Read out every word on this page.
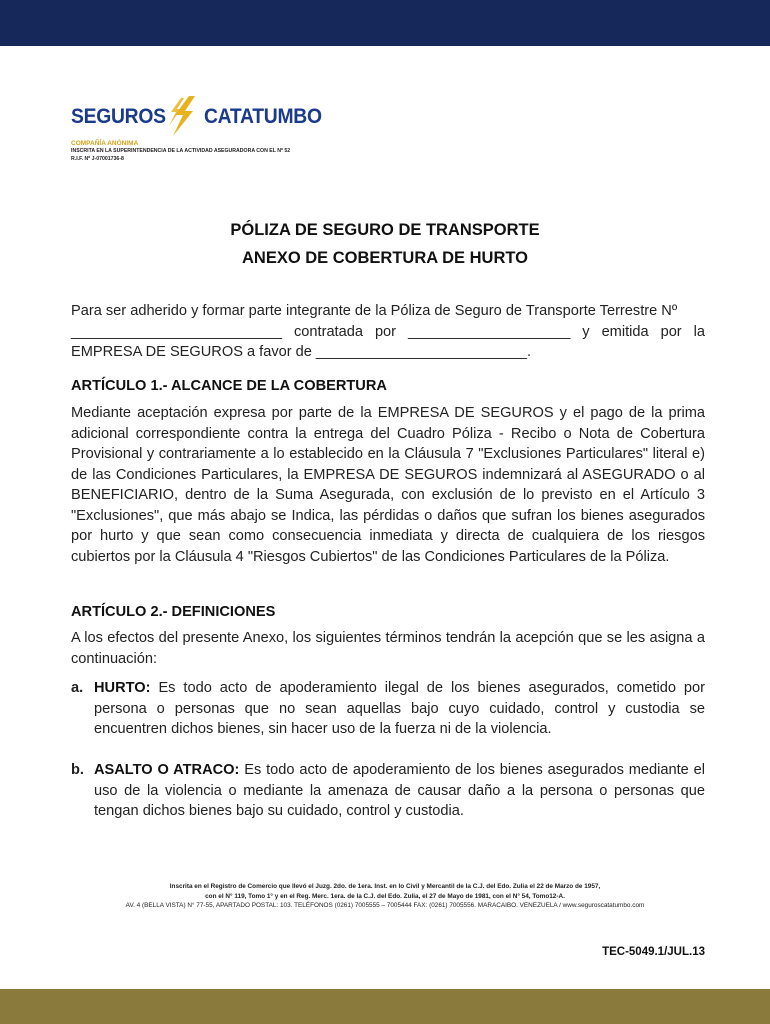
SEGUROS CATATUMBO
COMPAÑÍA ANÓNIMA
INSCRITA EN LA SUPERINTENDENCIA DE LA ACTIVIDAD ASEGURADORA CON EL Nº 52
R.I.F. Nº J-07001736-8
PÓLIZA DE SEGURO DE TRANSPORTE
ANEXO DE COBERTURA DE HURTO
Para ser adherido y formar parte integrante de la Póliza de Seguro de Transporte Terrestre Nº
__________________________ contratada por ____________________ y emitida por la
EMPRESA DE SEGUROS a favor de __________________________.
ARTÍCULO 1.- ALCANCE DE LA COBERTURA
Mediante aceptación expresa por parte de la EMPRESA DE SEGUROS y el pago de la prima adicional correspondiente contra la entrega del Cuadro Póliza - Recibo o Nota de Cobertura Provisional y contrariamente a lo establecido en la Cláusula 7 "Exclusiones Particulares" literal e) de las Condiciones Particulares, la EMPRESA DE SEGUROS indemnizará al ASEGURADO o al BENEFICIARIO, dentro de la Suma Asegurada, con exclusión de lo previsto en el Artículo 3 "Exclusiones", que más abajo se Indica, las pérdidas o daños que sufran los bienes asegurados por hurto y que sean como consecuencia inmediata y directa de cualquiera de los riesgos cubiertos por la Cláusula 4 "Riesgos Cubiertos" de las Condiciones Particulares de la Póliza.
ARTÍCULO 2.- DEFINICIONES
A los efectos del presente Anexo, los siguientes términos tendrán la acepción que se les asigna a continuación:
a. HURTO: Es todo acto de apoderamiento ilegal de los bienes asegurados, cometido por persona o personas que no sean aquellas bajo cuyo cuidado, control y custodia se encuentren dichos bienes, sin hacer uso de la fuerza ni de la violencia.
b. ASALTO O ATRACO: Es todo acto de apoderamiento de los bienes asegurados mediante el uso de la violencia o mediante la amenaza de causar daño a la persona o personas que tengan dichos bienes bajo su cuidado, control y custodia.
Inscrita en el Registro de Comercio que llevó el Juzg. 2do. de 1era. Inst. en lo Civil y Mercantil de la C.J. del Edo. Zulia el 22 de Marzo de 1957,
con el N° 119, Tomo 1° y en el Reg. Merc. 1era. de la C.J. del Edo. Zulia, el 27 de Mayo de 1981, con el N° 54, Tomo12-A.
AV. 4 (BELLA VISTA) N° 77-55, APARTADO POSTAL: 103. TELÉFONOS (0261) 7005555 – 7005444 FAX: (0261) 7005556. MARACAIBO. VENEZUELA / www.seguroscatatumbo.com
TEC-5049.1/JUL.13
